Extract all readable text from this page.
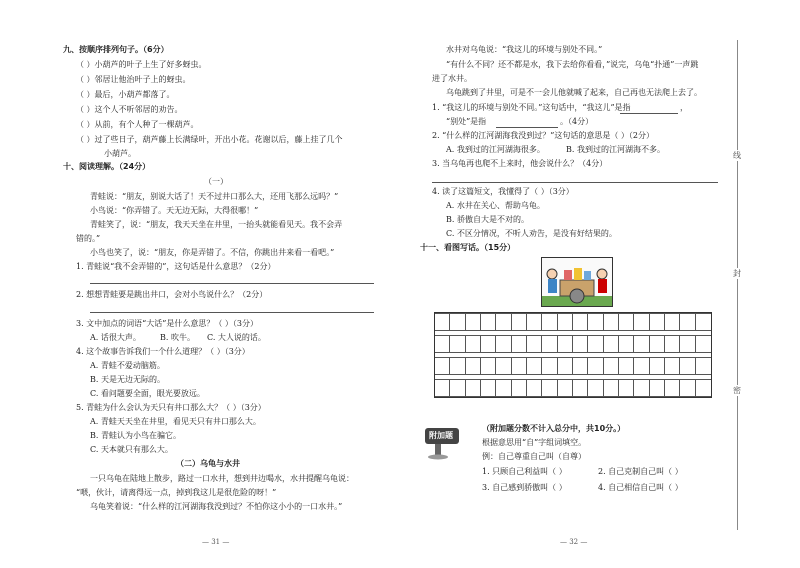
九、按顺序排列句子。（6分）
（ ）小葫芦的叶子上生了好多蚜虫。
（ ）邻居让他治叶子上的蚜虫。
（ ）最后，小葫芦都落了。
（ ）这个人不听邻居的劝告。
（ ）从前，有个人种了一棵葫芦。
（ ）过了些日子，葫芦藤上长满绿叶，开出小花。花谢以后，藤上挂了几个
小葫芦。
十、阅读理解。（24分）
（一）
青蛙说：“朋友，别说大话了！天不过井口那么大，还用飞那么远吗？”
小鸟说：“你弄错了。天无边无际，大得很哪！”
青蛙笑了，说：“朋友，我天天坐在井里，一抬头就能看见天。我不会弄
错的。”
小鸟也笑了，说：“朋友，你是弄错了。不信，你跳出井来看一看吧。”
1. 青蛙说“我不会弄错的”，这句话是什么意思？（2分）
2. 想想青蛙要是跳出井口，会对小鸟说什么？（2分）
3. 文中加点的词语“大话”是什么意思？（ ）（3分）
A. 话很大声。 B. 吹牛。 C. 大人说的话。
4. 这个故事告诉我们一个什么道理？（ ）（3分）
A. 青蛙不爱动脑筋。
B. 天是无边无际的。
C. 看问题要全面，眼光要放远。
5. 青蛙为什么会认为天只有井口那么大？（ ）（3分）
A. 青蛙天天坐在井里，看见天只有井口那么大。
B. 青蛙认为小鸟在骗它。
C. 天本就只有那么大。
（二）乌龟与水井
一只乌龟在陆地上散步，路过一口水井，想到井边喝水，水井提醒乌龟说：
“喂，伙计，请离得远一点，掉到我这儿是很危险的呀！”
乌龟笑着说：“什么样的江河湖海我没到过？不怕你这小小的一口水井。”
— 31 —
水井对乌龟说：“我这儿的环境与别处不同。”
“有什么不同？还不都是水，我下去给你看看，”说完，乌龟“扑通”一声跳
进了水井。
乌龟跳到了井里，可是不一会儿他就喊了起来，自己再也无法爬上去了。
1. “我这儿的环境与别处不同。”这句话中，“我这儿”是指	，
“别处”是指	。（4分）
2. “什么样的江河湖海我没到过？”这句话的意思是（ ）（2分）
A. 我到过的江河湖海很多。	B. 我到过的江河湖海不多。
3. 当乌龟再也爬不上来时，他会说什么？（4分）
4. 读了这篇短文，我懂得了（ ）（3分）
A. 水井在关心、帮助乌龟。
B. 骄傲自大是不对的。
C. 不区分情况，不听人劝告，是没有好结果的。
十一、看图写话。（15分）
附加题
（附加题分数不计入总分中，共10分。）
根据意思用“自”字组词填空。
例：自己尊重自己叫（自尊）
1. 只顾自己利益叫（ ）	2. 自己克制自己叫（ ）
3. 自己感到骄傲叫（ ）	4. 自己相信自己叫（ ）
— 32 —
线
封
密
